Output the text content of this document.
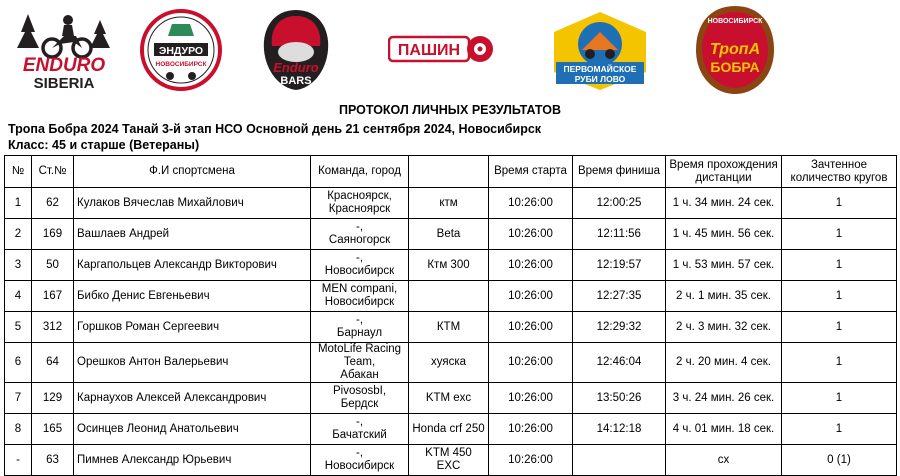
ENDURO
SIBERIA
ЭНДУРО
НОВОСИБИРСК	Enduro
BARS
ПАШИН
ПЕРВОМАЙСКОЕ
РУБИ ЛОВО
НОВОСИБИРСК
ТропА
БОБРА
ПРОТОКОЛ ЛИЧНЫХ РЕЗУЛЬТАТОВ
Тропа Бобра 2024 Танай 3-й этап НСО Основной день 21 сентября 2024, Новосибирск
Класс: 45 и старше (Ветераны)
№	Ст.№	Ф.И спортсмена	Команда, город		Время старта	Время финиша	Время прохождения дистанции	Зачтенное количество кругов
1	62	Кулаков Вячеслав Михайлович	Красноярск,
Красноярск	ктм	10:26:00	12:00:25	1 ч. 34 мин. 24 сек.	1
2	169	Вашлаев Андрей	-,
Саяногорск	Beta	10:26:00	12:11:56	1 ч. 45 мин. 56 сек.	1
3	50	Каргапольцев Александр Викторович	-,
Новосибирск	Ктм 300	10:26:00	12:19:57	1 ч. 53 мин. 57 сек.	1
4	167	Бибко Денис Евгеньевич	MEN compani,
Новосибирск		10:26:00	12:27:35	2 ч. 1 мин. 35 сек.	1
5	312	Горшков Роман Сергеевич	-,
Барнаул	КТМ	10:26:00	12:29:32	2 ч. 3 мин. 32 сек.	1
6	64	Орешков Антон Валерьевич	MotoLife Racing Team,
Абакан	хуяска	10:26:00	12:46:04	2 ч. 20 мин. 4 сек.	1
7	129	Карнаухов Алексей Александрович	PivososbI,
Бердск	KTM exc	10:26:00	13:50:26	3 ч. 24 мин. 26 сек.	1
8	165	Осинцев Леонид Анатольевич	-,
Бачатский	Honda crf 250	10:26:00	14:12:18	4 ч. 01 мин. 18 сек.	1
-	63	Пимнев Александр Юрьевич	-,
Новосибирск	KTM 450 EXC	10:26:00		сх	0 (1)
